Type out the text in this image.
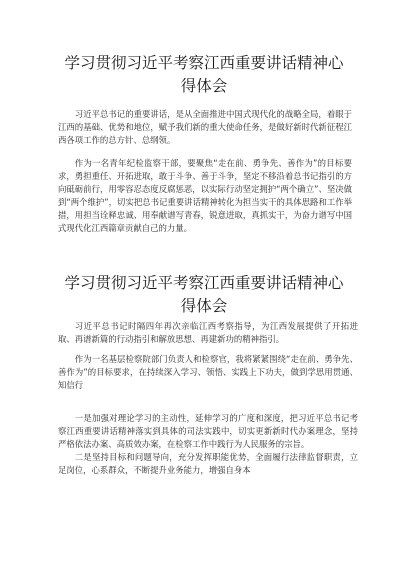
学习贯彻习近平考察江西重要讲话精神心
得体会

习近平总书记的重要讲话，是从全面推进中国式现代化的战略全局，着眼于江西的基础、优势和地位，赋予我们新的重大使命任务，是做好新时代新征程江西各项工作的总方针、总纲领。

作为一名青年纪检监察干部，要聚焦“走在前、勇争先、善作为”的目标要求，勇担重任、开拓进取，敢于斗争、善于斗争，坚定不移沿着总书记指引的方向砥砺前行，用零容忍态度反腐惩恶，以实际行动坚定拥护“两个确立”、坚决做到“两个维护”，切实把总书记重要讲话精神转化为担当实干的具体思路和工作举措，用担当诠释忠诚、用奉献谱写青春，锐意进取，真抓实干，为奋力谱写中国式现代化江西篇章贡献自己的力量。

学习贯彻习近平考察江西重要讲话精神心
得体会

习近平总书记时隔四年再次亲临江西考察指导，为江西发展提供了开拓进取、再谱新篇的行动指引和解放思想、再建新功的精神指引。

作为一名基层检察院部门负责人和检察官，我将紧紧围绕“走在前、勇争先、善作为”的目标要求，在持续深入学习、领悟、实践上下功夫，做到学思用贯通、知信行

一是加强对理论学习的主动性，延伸学习的广度和深度，把习近平总书记考察江西重要讲话精神落实到具体的司法实践中，切实更新新时代办案理念，坚持严格依法办案、高质效办案，在检察工作中践行为人民服务的宗旨。

二是坚持目标和问题导向，充分发挥职能优势，全面履行法律监督职责，立足岗位，心系群众，不断提升业务能力，增强自身本
